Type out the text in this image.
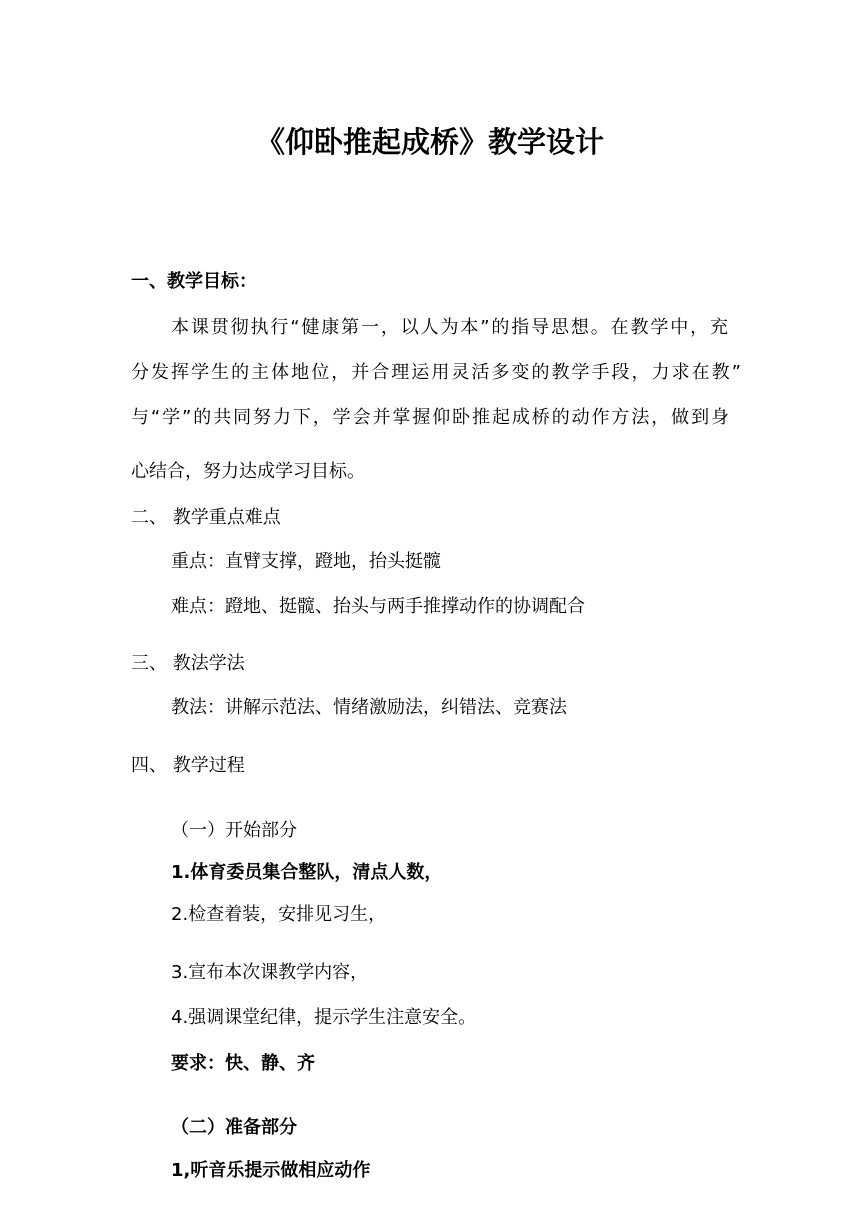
《仰卧推起成桥》教学设计
一、教学目标：
本课贯彻执行“健康第一，以人为本”的指导思想。在教学中，充
分发挥学生的主体地位，并合理运用灵活多变的教学手段，力求在教”
与“学”的共同努力下，学会并掌握仰卧推起成桥的动作方法，做到身
心结合，努力达成学习目标。
二、 教学重点难点
重点：直臂支撑，蹬地，抬头挺髋
难点：蹬地、挺髋、抬头与两手推撑动作的协调配合
三、 教法学法
教法：讲解示范法、情绪激励法，纠错法、竞赛法
四、 教学过程
（一）开始部分
1.体育委员集合整队，清点人数，
2.检查着装，安排见习生，
3.宣布本次课教学内容，
4.强调课堂纪律，提示学生注意安全。
要求：快、静、齐
（二）准备部分
1,听音乐提示做相应动作
